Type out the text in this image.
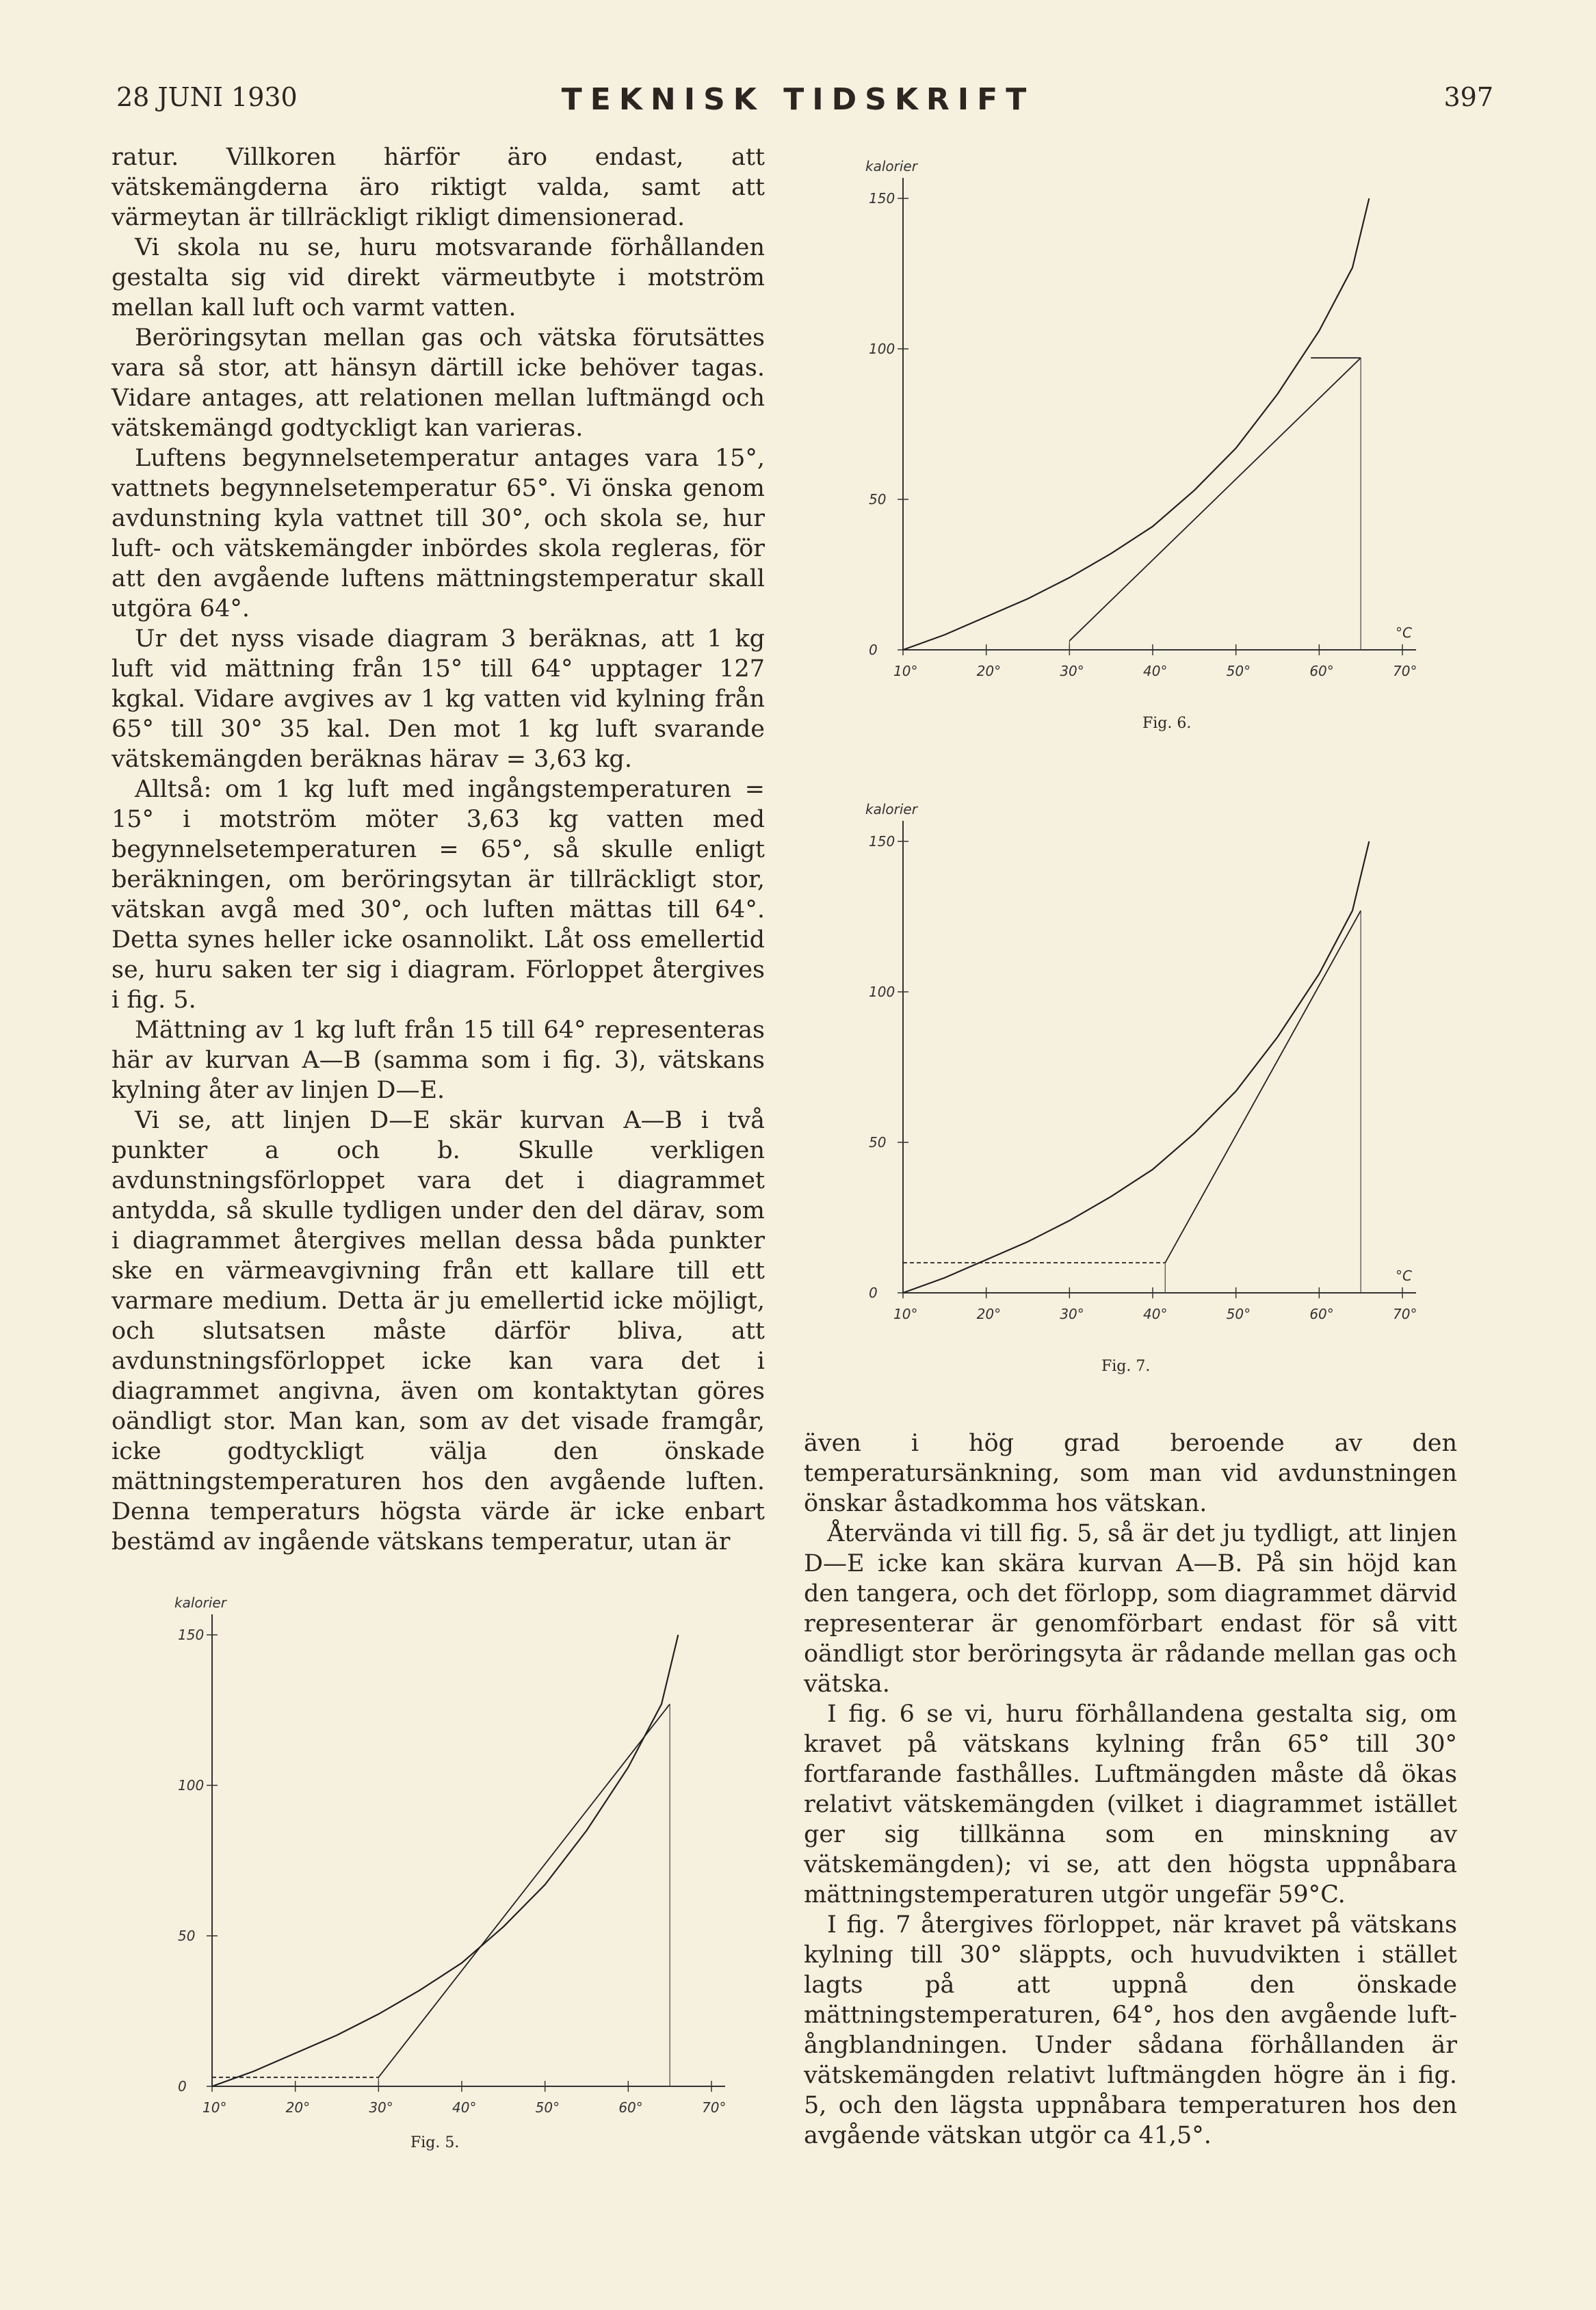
28 JUNI 1930	TEKNISK TIDSKRIFT	397

ratur. Villkoren härför äro endast, att vätskemängderna äro riktigt valda, samt att värmeytan är tillräckligt rikligt dimensionerad.

Vi skola nu se, huru motsvarande förhållanden gestalta sig vid direkt värmeutbyte i motström mellan kall luft och varmt vatten.

Beröringsytan mellan gas och vätska förutsättes vara så stor, att hänsyn därtill icke behöver tagas. Vidare antages, att relationen mellan luftmängd och vätskemängd godtyckligt kan varieras.

Luftens begynnelsetemperatur antages vara 15°, vattnets begynnelsetemperatur 65°. Vi önska genom avdunstning kyla vattnet till 30°, och skola se, hur luft- och vätskemängder inbördes skola regleras, för att den avgående luftens mättningstemperatur skall utgöra 64°.

Ur det nyss visade diagram 3 beräknas, att 1 kg luft vid mättning från 15° till 64° upptager 127 kgkal. Vidare avgives av 1 kg vatten vid kylning från 65° till 30° 35 kal. Den mot 1 kg luft svarande vätskemängden beräknas härav = 3,63 kg.

Alltså: om 1 kg luft med ingångstemperaturen = 15° i motström möter 3,63 kg vatten med begynnelsetemperaturen = 65°, så skulle enligt beräkningen, om beröringsytan är tillräckligt stor, vätskan avgå med 30°, och luften mättas till 64°. Detta synes heller icke osannolikt. Låt oss emellertid se, huru saken ter sig i diagram. Förloppet återgives i fig. 5.

Mättning av 1 kg luft från 15 till 64° representeras här av kurvan A—B (samma som i fig. 3), vätskans kylning åter av linjen D—E.

Vi se, att linjen D—E skär kurvan A—B i två punkter a och b. Skulle verkligen avdunstningsförloppet vara det i diagrammet antydda, så skulle tydligen under den del därav, som i diagrammet återgives mellan dessa båda punkter ske en värmeavgivning från ett kallare till ett varmare medium. Detta är ju emellertid icke möjligt, och slutsatsen måste därför bliva, att avdunstningsförloppet icke kan vara det i diagrammet angivna, även om kontaktytan göres oändligt stor. Man kan, som av det visade framgår, icke godtyckligt välja den önskade mättningstemperaturen hos den avgående luften. Denna temperaturs högsta värde är icke enbart bestämd av ingående vätskans temperatur, utan är

även i hög grad beroende av den temperatursänkning, som man vid avdunstningen önskar åstadkomma hos vätskan.

Återvända vi till fig. 5, så är det ju tydligt, att linjen D—E icke kan skära kurvan A—B. På sin höjd kan den tangera, och det förlopp, som diagrammet därvid representerar är genomförbart endast för så vitt oändligt stor beröringsyta är rådande mellan gas och vätska.

I fig. 6 se vi, huru förhållandena gestalta sig, om kravet på vätskans kylning från 65° till 30° fortfarande fasthålles. Luftmängden måste då ökas relativt vätskemängden (vilket i diagrammet istället ger sig tillkänna som en minskning av vätskemängden); vi se, att den högsta uppnåbara mättningstemperaturen utgör ungefär 59°C.

I fig. 7 återgives förloppet, när kravet på vätskans kylning till 30° släppts, och huvudvikten i stället lagts på att uppnå den önskade mättningstemperaturen, 64°, hos den avgående luft-ångblandningen. Under sådana förhållanden är vätskemängden relativt luftmängden högre än i fig. 5, och den lägsta uppnåbara temperaturen hos den avgående vätskan utgör ca 41,5°.

kalorier
150
100
50
0
10°	20°	30°	40°	50°	60°	70°
Fig. 5.
kalorier
150
100
50
0
10°	20°	30°	40°	50°	60°	70°
°C
Fig. 6.
kalorier
150
100
50
0
10°	20°	30°	40°	50°	60°	70°
°C
Fig. 7.
